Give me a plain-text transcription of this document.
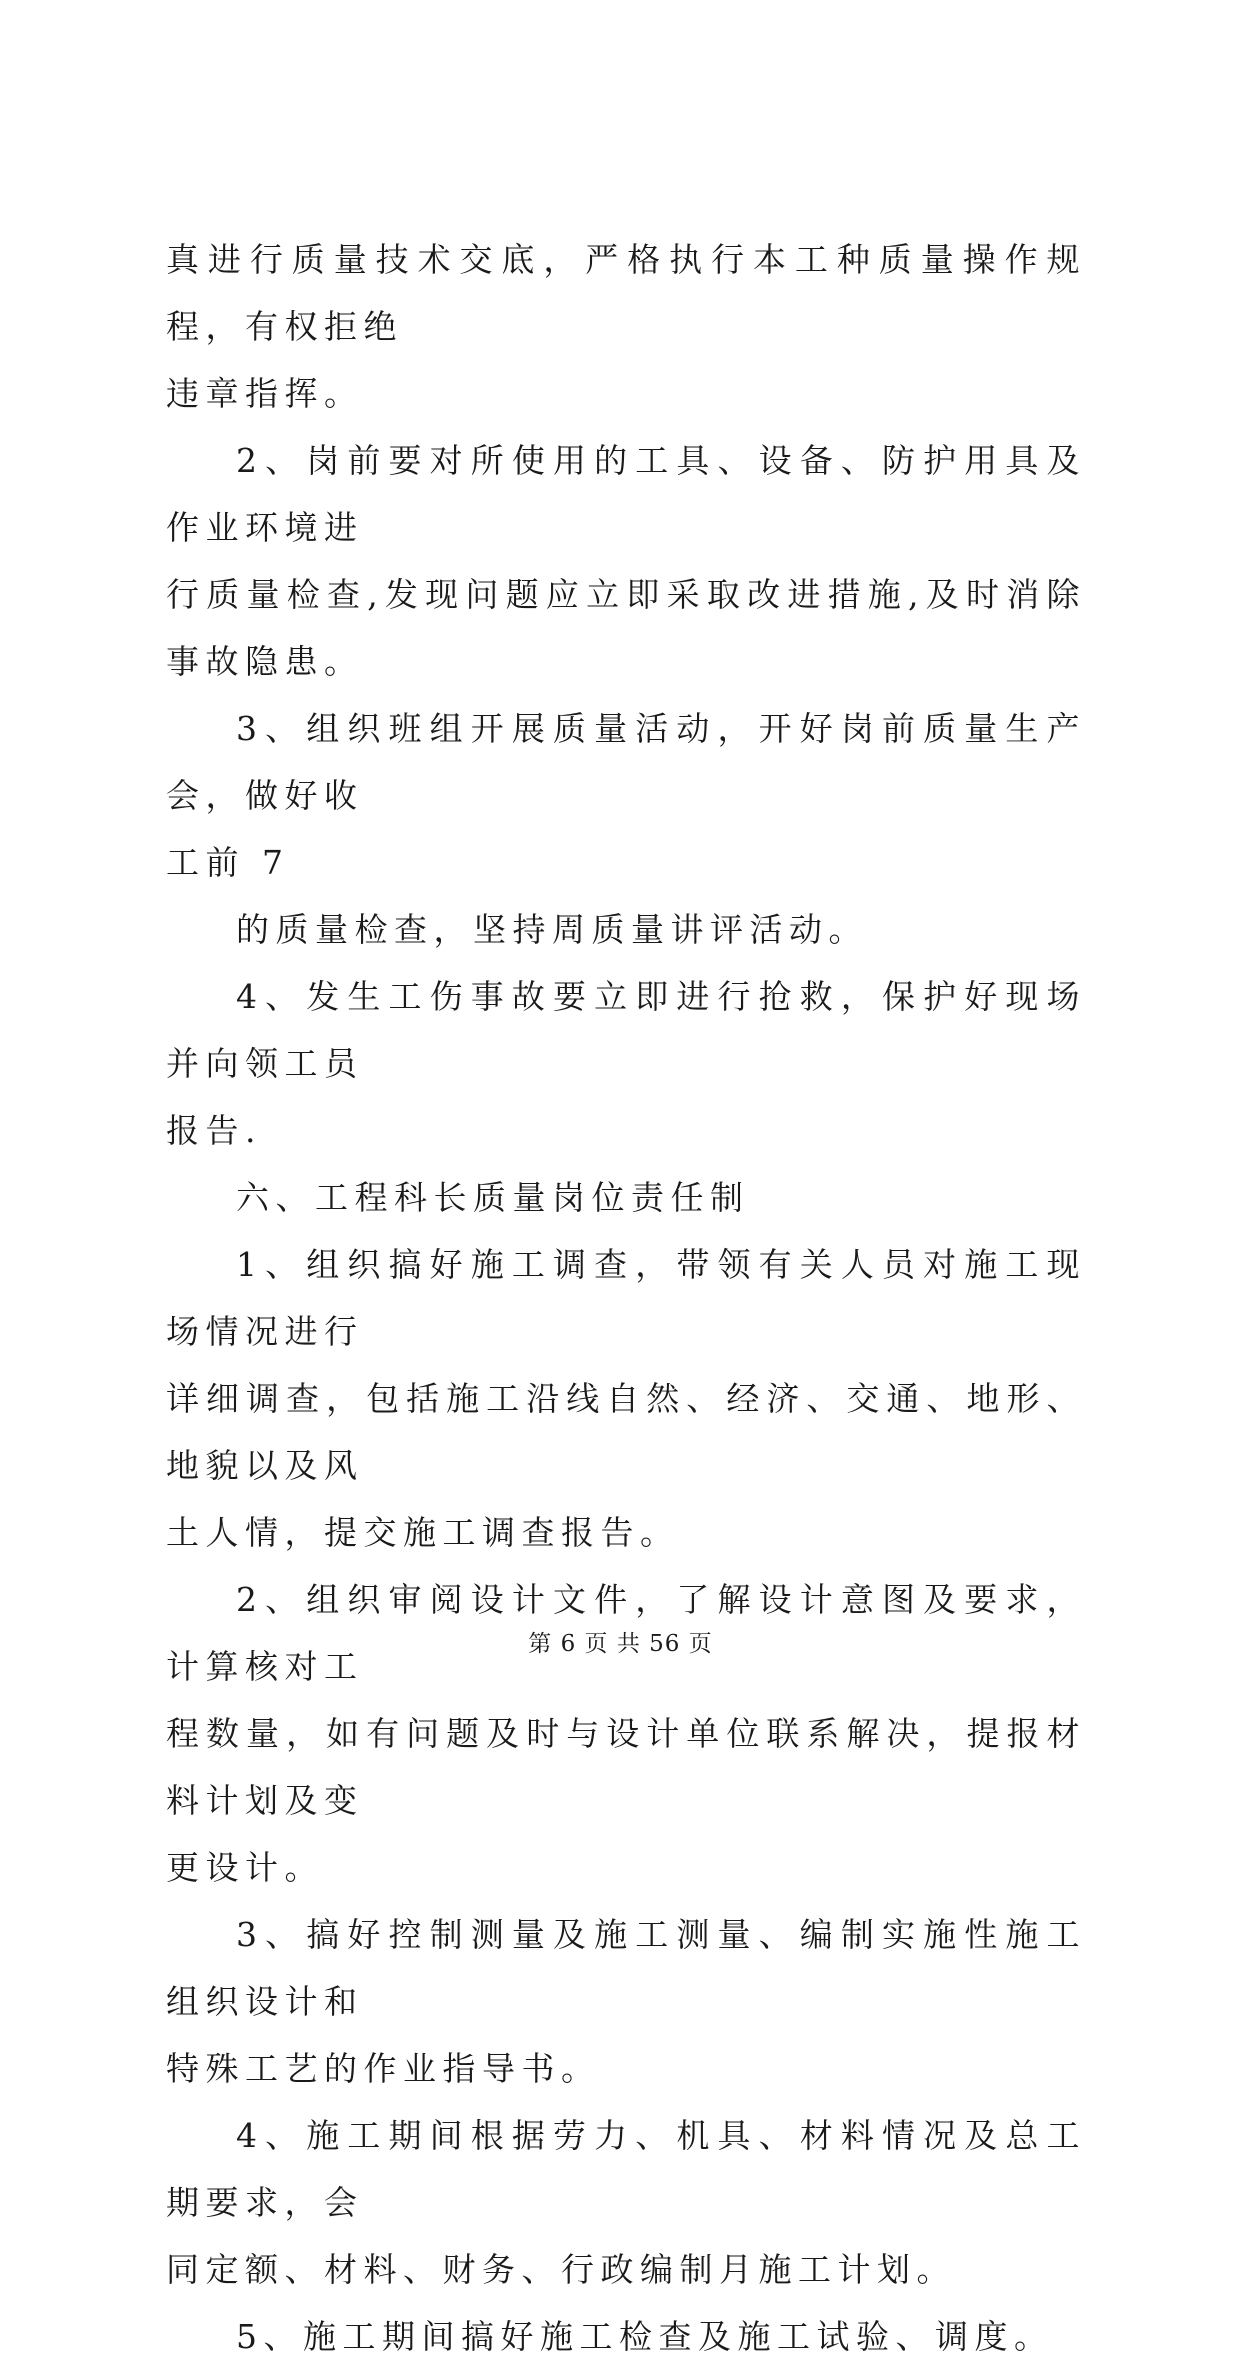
真进行质量技术交底，严格执行本工种质量操作规程，有权拒绝
违章指挥。

2、岗前要对所使用的工具、设备、防护用具及作业环境进
行质量检查,发现问题应立即采取改进措施,及时消除事故隐患。

3、组织班组开展质量活动，开好岗前质量生产会，做好收
工前 7

的质量检查，坚持周质量讲评活动。

4、发生工伤事故要立即进行抢救，保护好现场并向领工员
报告.

六、工程科长质量岗位责任制

1、组织搞好施工调查，带领有关人员对施工现场情况进行
详细调查，包括施工沿线自然、经济、交通、地形、地貌以及风
土人情，提交施工调查报告。

2、组织审阅设计文件，了解设计意图及要求，计算核对工
程数量，如有问题及时与设计单位联系解决，提报材料计划及变
更设计。

3、搞好控制测量及施工测量、编制实施性施工组织设计和
特殊工艺的作业指导书。

4、施工期间根据劳力、机具、材料情况及总工期要求，会
同定额、材料、财务、行政编制月施工计划。

5、施工期间搞好施工检查及施工试验、调度。

第 6 页 共 56 页
